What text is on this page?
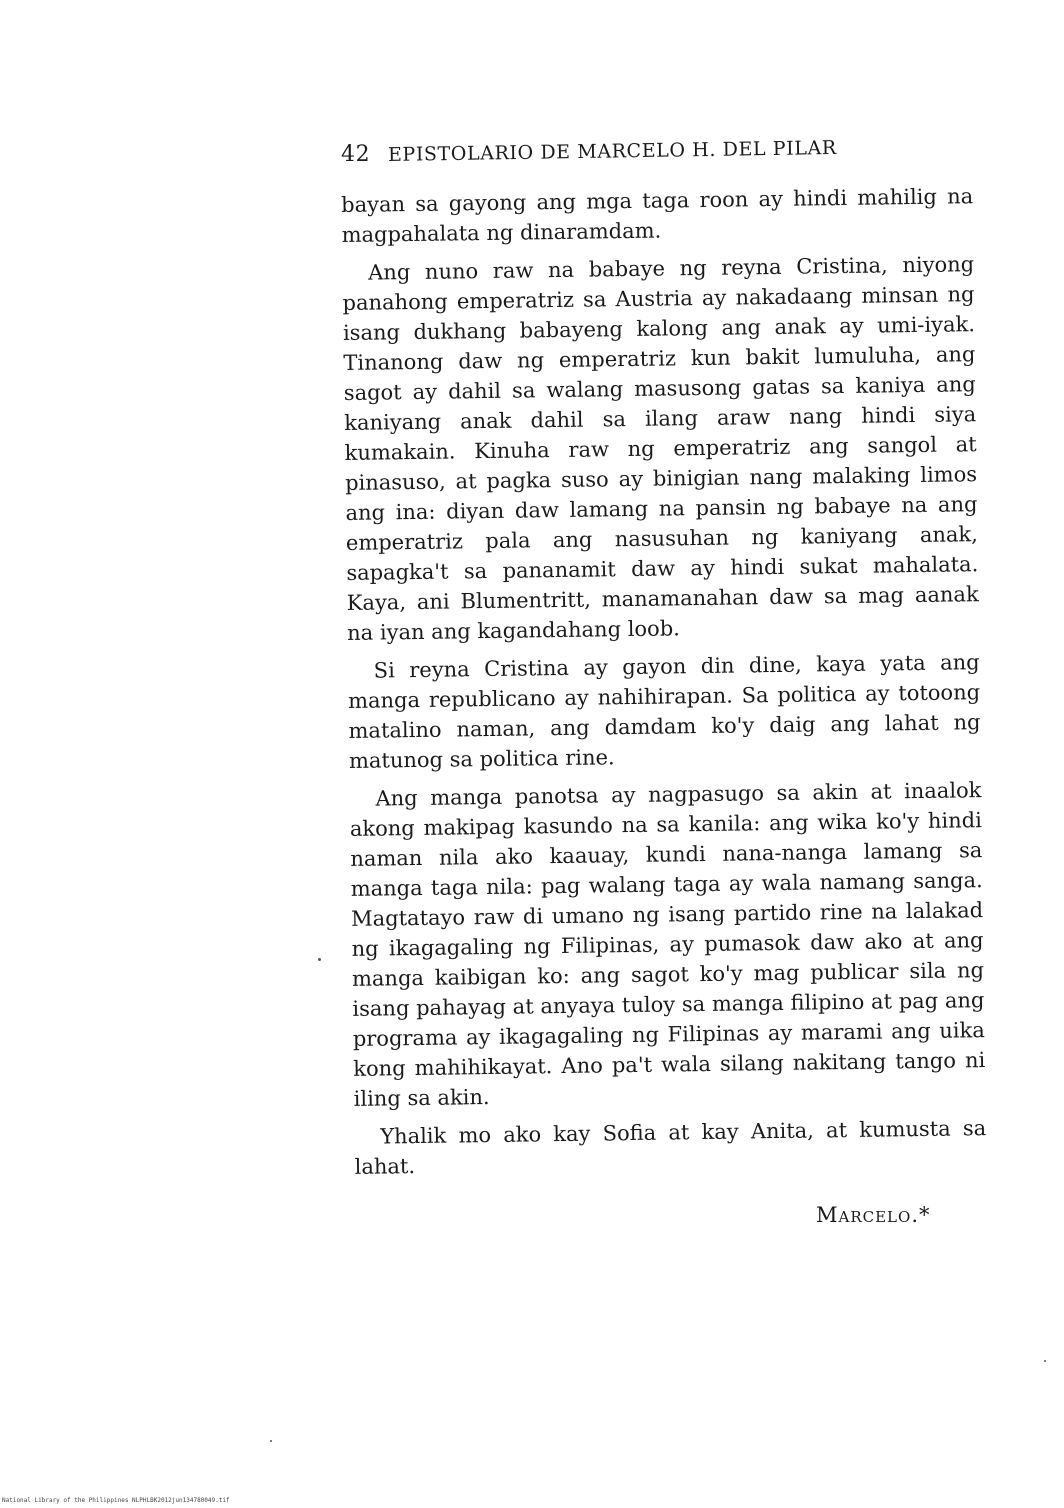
42 EPISTOLARIO DE MARCELO H. DEL PILAR

bayan sa gayong ang mga taga roon ay hindi mahilig na magpahalata ng dinaramdam.

Ang nuno raw na babaye ng reyna Cristina, niyong panahong emperatriz sa Austria ay nakadaang minsan ng isang dukhang babayeng kalong ang anak ay umi-iyak. Tinanong daw ng emperatriz kun bakit lumuluha, ang sagot ay dahil sa walang masusong gatas sa kaniya ang kaniyang anak dahil sa ilang araw nang hindi siya kumakain. Kinuha raw ng emperatriz ang sangol at pinasuso, at pagka suso ay binigian nang malaking limos ang ina: diyan daw lamang na pansin ng babaye na ang emperatriz pala ang nasusuhan ng kaniyang anak, sapagka't sa pananamit daw ay hindi sukat mahalata. Kaya, ani Blumentritt, manamanahan daw sa mag aanak na iyan ang kagandahang loob.

Si reyna Cristina ay gayon din dine, kaya yata ang manga republicano ay nahihirapan. Sa politica ay totoong matalino naman, ang damdam ko'y daig ang lahat ng matunog sa politica rine.

Ang manga panotsa ay nagpasugo sa akin at inaalok akong makipag kasundo na sa kanila: ang wika ko'y hindi naman nila ako kaauay, kundi nana-nanga lamang sa manga taga nila: pag walang taga ay wala namang sanga. Magtatayo raw di umano ng isang partido rine na lalakad ng ikagagaling ng Filipinas, ay pumasok daw ako at ang manga kaibigan ko: ang sagot ko'y mag publicar sila ng isang pahayag at anyaya tuloy sa manga filipino at pag ang programa ay ikagagaling ng Filipinas ay marami ang uika kong mahihikayat. Ano pa't wala silang nakitang tango ni iling sa akin.

Yhalik mo ako kay Sofia at kay Anita, at kumusta sa lahat.

Marcelo.*
National Library of the Philippines NLPHLBK2012jun134780049.tif
